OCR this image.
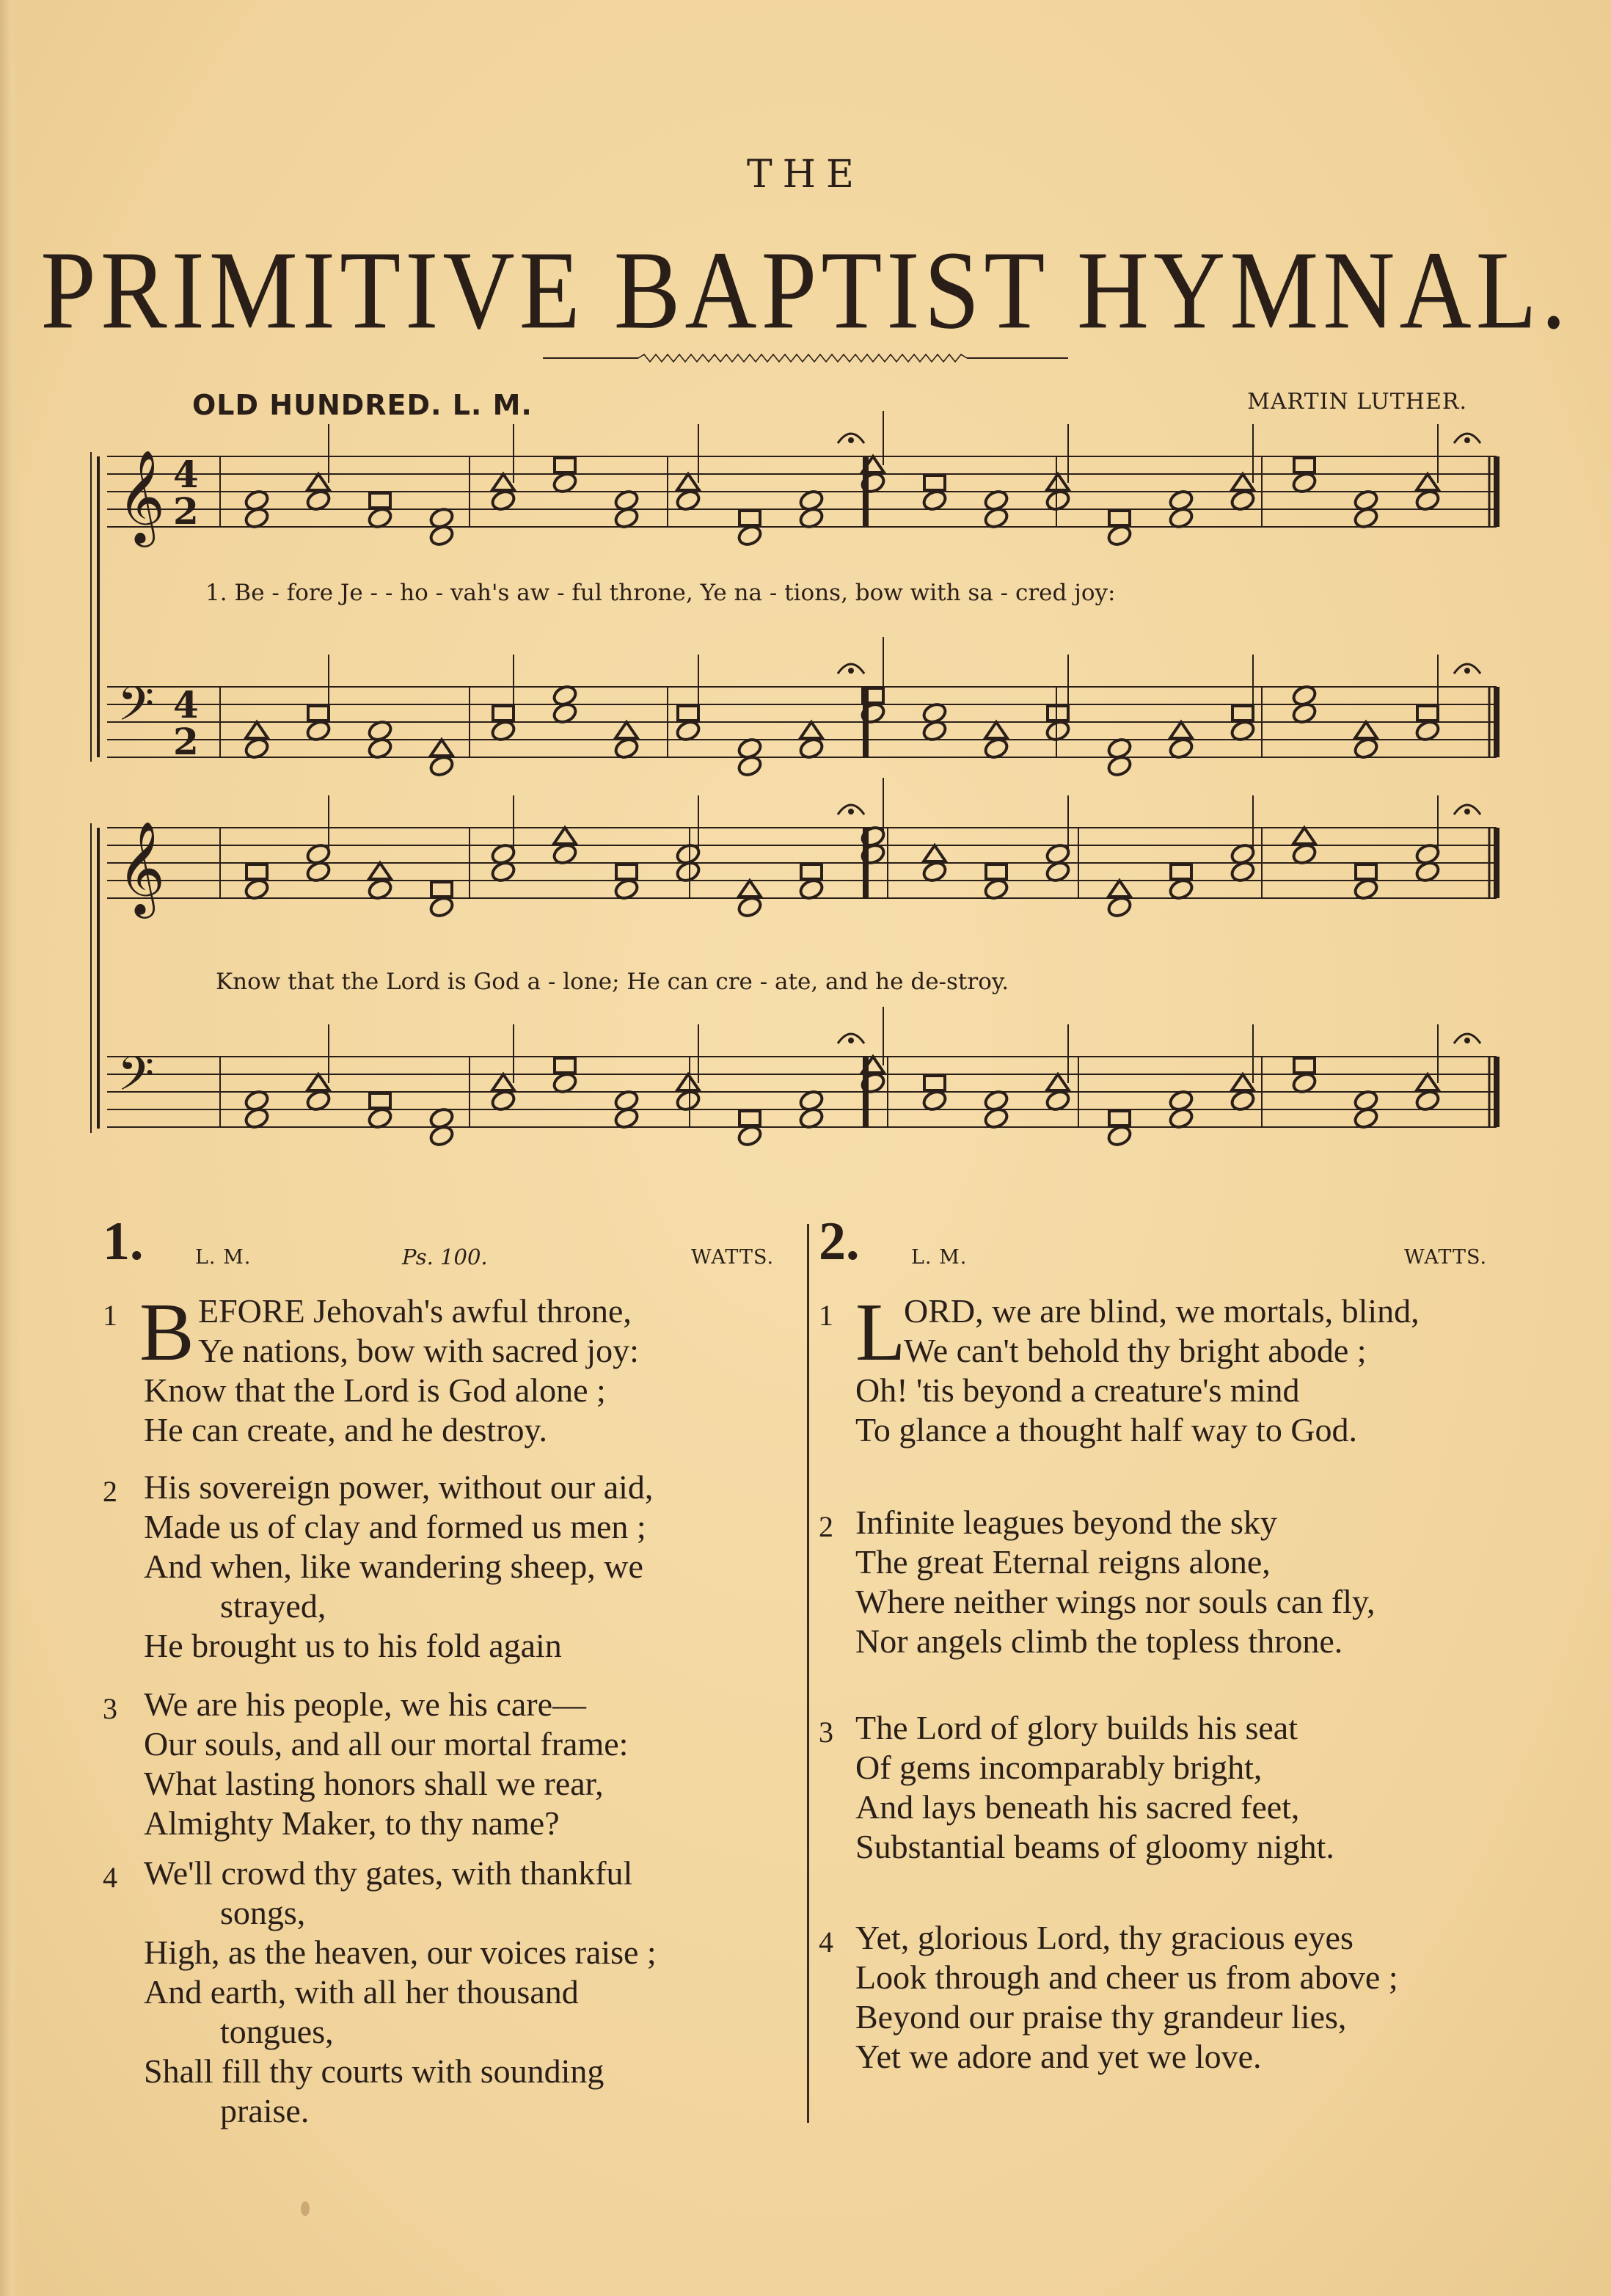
THE
PRIMITIVE BAPTIST HYMNAL.
OLD HUNDRED. L. M.	MARTIN LUTHER.
𝄞 4
2
𝄢 4
2
𝄞
𝄢
1. Be - fore Je - - ho - vah's aw - ful throne, Ye na - tions, bow with sa - cred joy:
Know that the Lord is God a - lone; He can cre - ate, and he de-stroy.
1.	L. M.	Ps. 100.	WATTS. 2.	L. M.	WATTS.
1 B EFORE Jehovah's awful throne,
Ye nations, bow with sacred joy:
Know that the Lord is God alone ;
He can create, and he destroy.
2 His sovereign power, without our aid,
Made us of clay and formed us men ;
And when, like wandering sheep, we
strayed,
He brought us to his fold again
3 We are his people, we his care—
Our souls, and all our mortal frame:
What lasting honors shall we rear,
Almighty Maker, to thy name?
4 We'll crowd thy gates, with thankful
songs,
High, as the heaven, our voices raise ;
And earth, with all her thousand
tongues,
Shall fill thy courts with sounding
praise.
1 L
ORD, we are blind, we mortals, blind,
We can't behold thy bright abode ;
Oh! 'tis beyond a creature's mind
To glance a thought half way to God.
2 Infinite leagues beyond the sky
The great Eternal reigns alone,
Where neither wings nor souls can fly,
Nor angels climb the topless throne.
3 The Lord of glory builds his seat
Of gems incomparably bright,
And lays beneath his sacred feet,
Substantial beams of gloomy night.
4 Yet, glorious Lord, thy gracious eyes
Look through and cheer us from above ;
Beyond our praise thy grandeur lies,
Yet we adore and yet we love.
